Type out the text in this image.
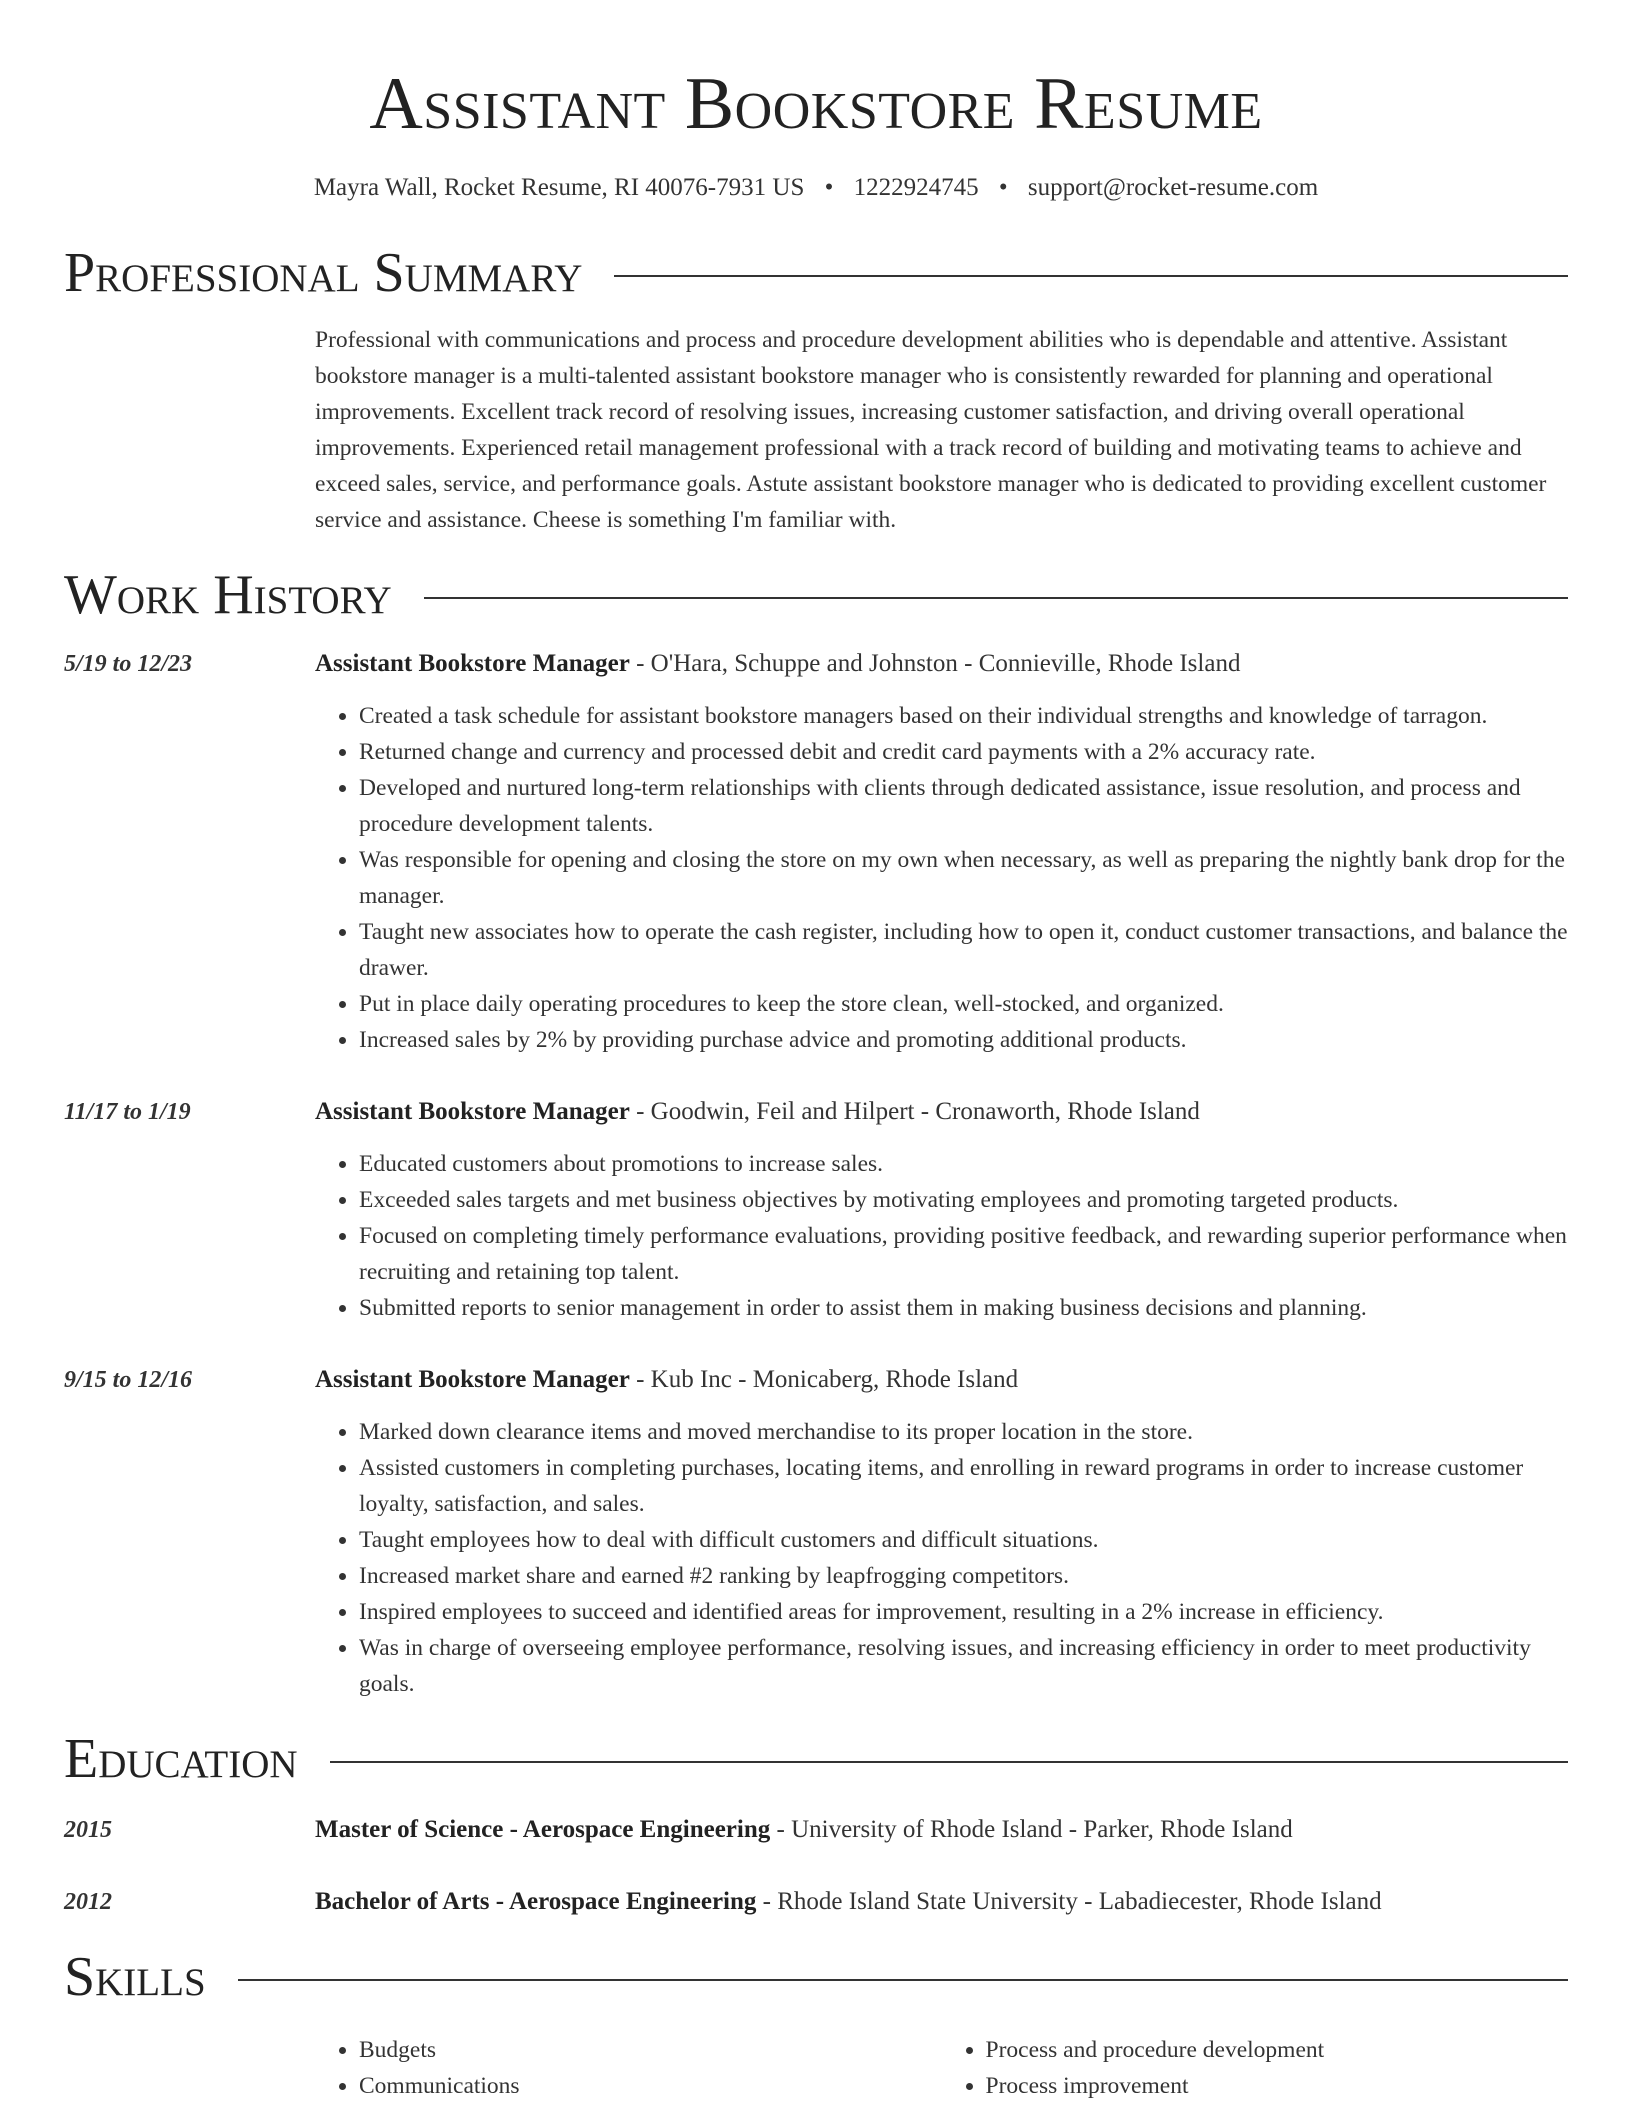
Assistant Bookstore Resume
Mayra Wall, Rocket Resume, RI 40076-7931 US • 1222924745 • support@rocket-resume.com
Professional Summary
Professional with communications and process and procedure development abilities who is dependable and attentive. Assistant bookstore manager is a multi-talented assistant bookstore manager who is consistently rewarded for planning and operational improvements. Excellent track record of resolving issues, increasing customer satisfaction, and driving overall operational improvements. Experienced retail management professional with a track record of building and motivating teams to achieve and exceed sales, service, and performance goals. Astute assistant bookstore manager who is dedicated to providing excellent customer service and assistance. Cheese is something I'm familiar with.
Work History
5/19 to 12/23	Assistant Bookstore Manager - O'Hara, Schuppe and Johnston - Connieville, Rhode Island
• Created a task schedule for assistant bookstore managers based on their individual strengths and knowledge of tarragon.
• Returned change and currency and processed debit and credit card payments with a 2% accuracy rate.
• Developed and nurtured long-term relationships with clients through dedicated assistance, issue resolution, and process and procedure development talents.
• Was responsible for opening and closing the store on my own when necessary, as well as preparing the nightly bank drop for the manager.
• Taught new associates how to operate the cash register, including how to open it, conduct customer transactions, and balance the drawer.
• Put in place daily operating procedures to keep the store clean, well-stocked, and organized.
• Increased sales by 2% by providing purchase advice and promoting additional products.
11/17 to 1/19	Assistant Bookstore Manager - Goodwin, Feil and Hilpert - Cronaworth, Rhode Island
• Educated customers about promotions to increase sales.
• Exceeded sales targets and met business objectives by motivating employees and promoting targeted products.
• Focused on completing timely performance evaluations, providing positive feedback, and rewarding superior performance when recruiting and retaining top talent.
• Submitted reports to senior management in order to assist them in making business decisions and planning.
9/15 to 12/16	Assistant Bookstore Manager - Kub Inc - Monicaberg, Rhode Island
• Marked down clearance items and moved merchandise to its proper location in the store.
• Assisted customers in completing purchases, locating items, and enrolling in reward programs in order to increase customer loyalty, satisfaction, and sales.
• Taught employees how to deal with difficult customers and difficult situations.
• Increased market share and earned #2 ranking by leapfrogging competitors.
• Inspired employees to succeed and identified areas for improvement, resulting in a 2% increase in efficiency.
• Was in charge of overseeing employee performance, resolving issues, and increasing efficiency in order to meet productivity goals.
Education
2015	Master of Science - Aerospace Engineering - University of Rhode Island - Parker, Rhode Island
2012	Bachelor of Arts - Aerospace Engineering - Rhode Island State University - Labadiecester, Rhode Island
Skills
• Budgets
• Communications
• Process and procedure development
• Process improvement
